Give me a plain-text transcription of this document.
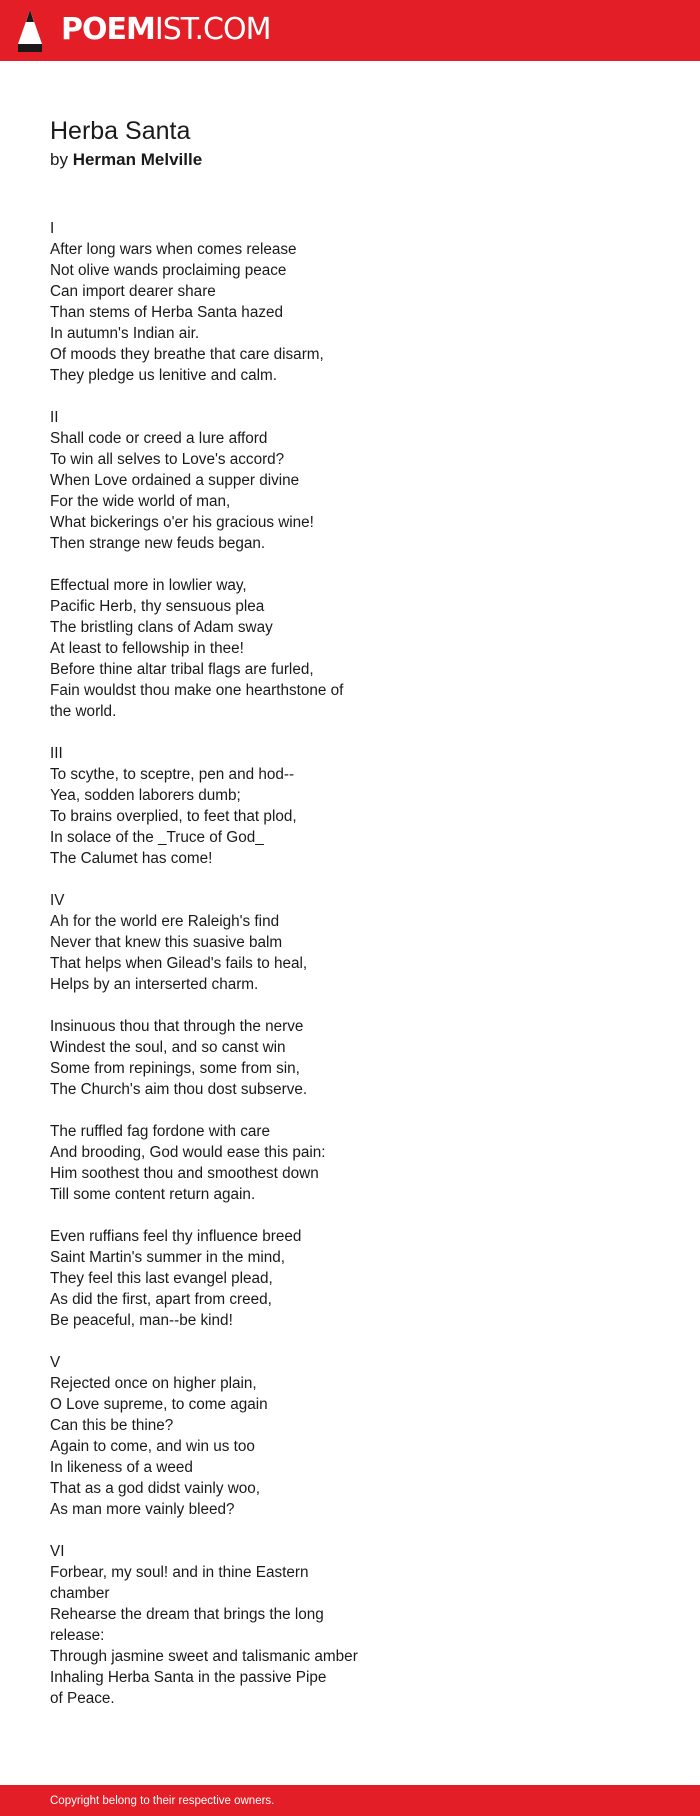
POEMIST.COM
Herba Santa
by Herman Melville
I
After long wars when comes release
Not olive wands proclaiming peace
Can import dearer share
Than stems of Herba Santa hazed
In autumn's Indian air.
Of moods they breathe that care disarm,
They pledge us lenitive and calm.
II
Shall code or creed a lure afford
To win all selves to Love's accord?
When Love ordained a supper divine
For the wide world of man,
What bickerings o'er his gracious wine!
Then strange new feuds began.
Effectual more in lowlier way,
Pacific Herb, thy sensuous plea
The bristling clans of Adam sway
At least to fellowship in thee!
Before thine altar tribal flags are furled,
Fain wouldst thou make one hearthstone of
the world.
III
To scythe, to sceptre, pen and hod--
Yea, sodden laborers dumb;
To brains overplied, to feet that plod,
In solace of the _Truce of God_
The Calumet has come!
IV
Ah for the world ere Raleigh's find
Never that knew this suasive balm
That helps when Gilead's fails to heal,
Helps by an interserted charm.
Insinuous thou that through the nerve
Windest the soul, and so canst win
Some from repinings, some from sin,
The Church's aim thou dost subserve.
The ruffled fag fordone with care
And brooding, God would ease this pain:
Him soothest thou and smoothest down
Till some content return again.
Even ruffians feel thy influence breed
Saint Martin's summer in the mind,
They feel this last evangel plead,
As did the first, apart from creed,
Be peaceful, man--be kind!
V
Rejected once on higher plain,
O Love supreme, to come again
Can this be thine?
Again to come, and win us too
In likeness of a weed
That as a god didst vainly woo,
As man more vainly bleed?
VI
Forbear, my soul! and in thine Eastern
chamber
Rehearse the dream that brings the long
release:
Through jasmine sweet and talismanic amber
Inhaling Herba Santa in the passive Pipe
of Peace.
Copyright belong to their respective owners.
